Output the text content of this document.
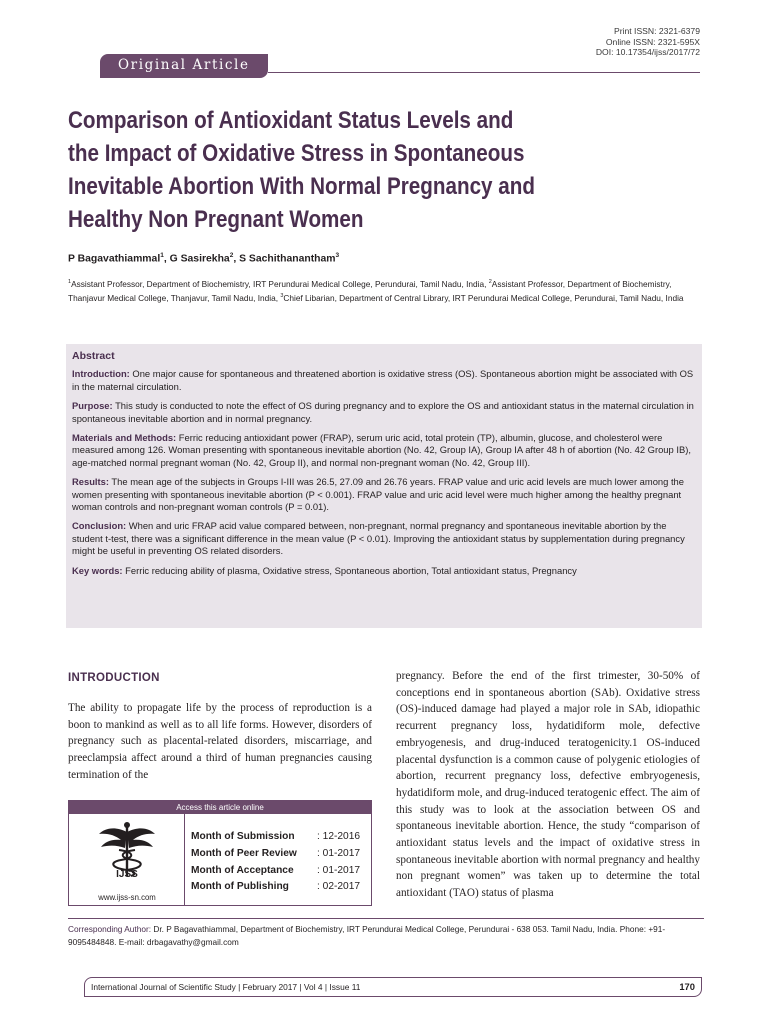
Print ISSN: 2321-6379
Online ISSN: 2321-595X
DOI: 10.17354/ijss/2017/72
Original Article
Comparison of Antioxidant Status Levels and
the Impact of Oxidative Stress in Spontaneous
Inevitable Abortion With Normal Pregnancy and
Healthy Non Pregnant Women
P Bagavathiammal$^1$, G Sasirekha$^2$, S Sachithanantham$^3$
$^1$Assistant Professor, Department of Biochemistry, IRT Perundurai Medical College, Perundurai, Tamil Nadu, India, $^2$Assistant Professor, Department of Biochemistry, Thanjavur Medical College, Thanjavur, Tamil Nadu, India, $^3$Chief Libarian, Department of Central Library, IRT Perundurai Medical College, Perundurai, Tamil Nadu, India
Abstract

Introduction: One major cause for spontaneous and threatened abortion is oxidative stress (OS). Spontaneous abortion might be associated with OS in the maternal circulation.

Purpose: This study is conducted to note the effect of OS during pregnancy and to explore the OS and antioxidant status in the maternal circulation in spontaneous inevitable abortion and in normal pregnancy.

Materials and Methods: Ferric reducing antioxidant power (FRAP), serum uric acid, total protein (TP), albumin, glucose, and cholesterol were measured among 126. Woman presenting with spontaneous inevitable abortion (No. 42, Group IA), Group IA after 48 h of abortion (No. 42 Group IB), age-matched normal pregnant woman (No. 42, Group II), and normal non-pregnant woman (No. 42, Group III).

Results: The mean age of the subjects in Groups I-III was 26.5, 27.09 and 26.76 years. FRAP value and uric acid levels are much lower among the women presenting with spontaneous inevitable abortion (P < 0.001). FRAP value and uric acid level were much higher among the healthy pregnant woman controls and non-pregnant woman controls (P = 0.01).

Conclusion: When and uric FRAP acid value compared between, non-pregnant, normal pregnancy and spontaneous inevitable abortion by the student t-test, there was a significant difference in the mean value (P < 0.01). Improving the antioxidant status by supplementation during pregnancy might be useful in preventing OS related disorders.

Key words: Ferric reducing ability of plasma, Oxidative stress, Spontaneous abortion, Total antioxidant status, Pregnancy

INTRODUCTION

The ability to propagate life by the process of reproduction is a boon to mankind as well as to all life forms. However, disorders of pregnancy such as placental-related disorders, miscarriage, and preeclampsia affect around a third of human pregnancies causing termination of the

pregnancy. Before the end of the first trimester, 30-50% of conceptions end in spontaneous abortion (SAb). Oxidative stress (OS)-induced damage had played a major role in SAb, idiopathic recurrent pregnancy loss, hydatidiform mole, defective embryogenesis, and drug-induced teratogenicity.1 OS-induced placental dysfunction is a common cause of polygenic etiologies of abortion, recurrent pregnancy loss, defective embryogenesis, hydatidiform mole, and drug-induced teratogenic effect. The aim of this study was to look at the association between OS and spontaneous inevitable abortion. Hence, the study “comparison of antioxidant status levels and the impact of oxidative stress in spontaneous inevitable abortion with normal pregnancy and healthy non pregnant women” was taken up to determine the total antioxidant (TAO) status of plasma

Access this article online
IJSS
www.ijss-sn.com
Month of Submission : 12-2016
Month of Peer Review : 01-2017
Month of Acceptance : 01-2017
Month of Publishing	: 02-2017
Corresponding Author: Dr. P Bagavathiammal, Department of Biochemistry, IRT Perundurai Medical College, Perundurai - 638 053. Tamil Nadu, India. Phone: +91-9095484848. E-mail: drbagavathy@gmail.com
International Journal of Scientific Study | February 2017 | Vol 4 | Issue 11	170
